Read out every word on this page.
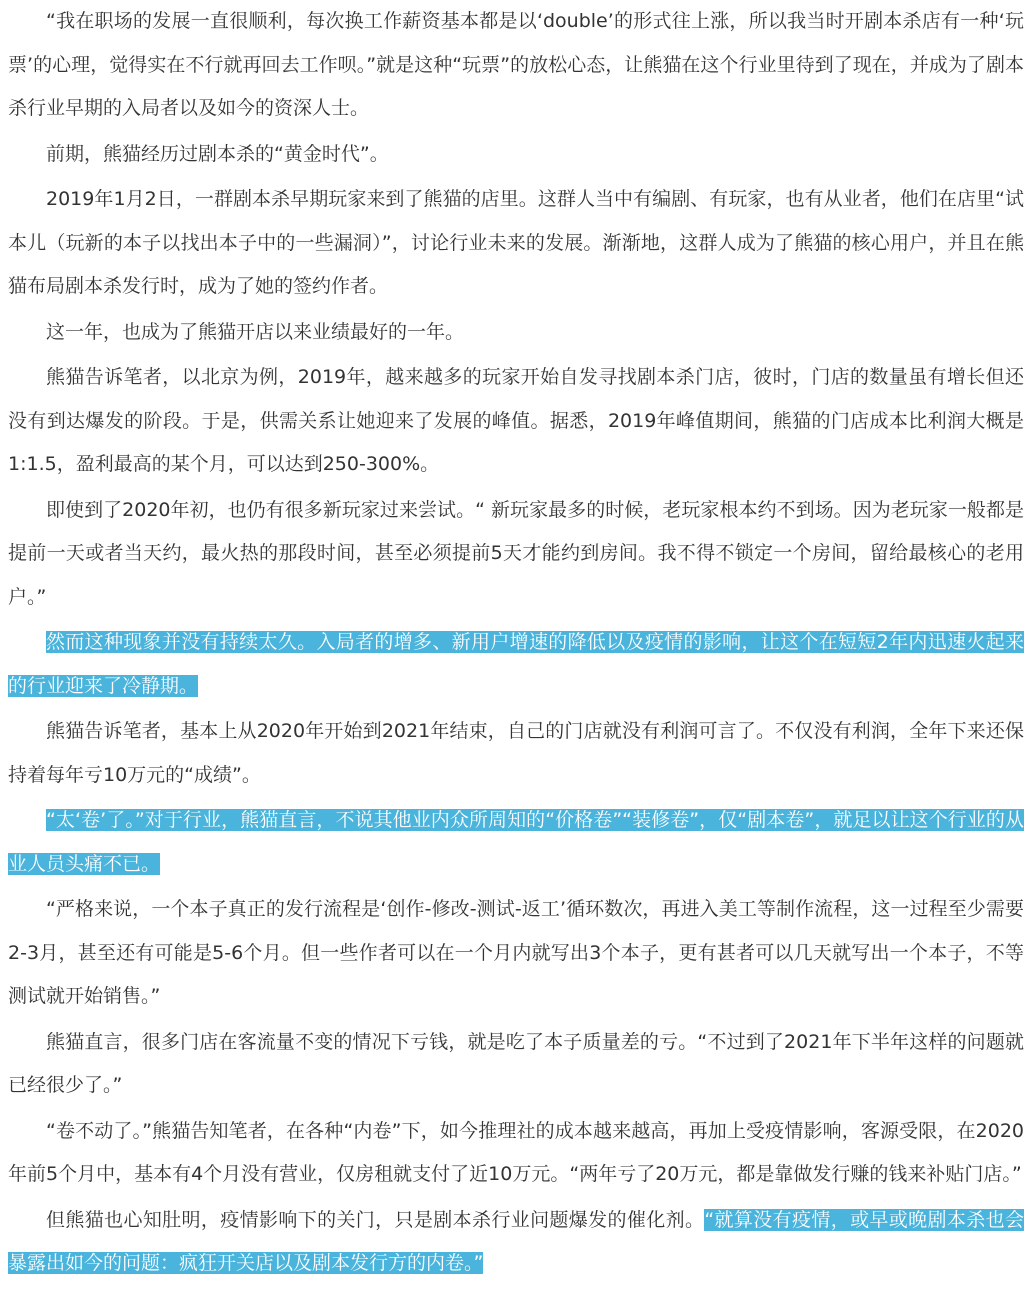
“我在职场的发展一直很顺利，每次换工作薪资基本都是以‘double’的形式往上涨，所以我当时开剧本杀店有一种‘玩票’的心理，觉得实在不行就再回去工作呗。”就是这种“玩票”的放松心态，让熊猫在这个行业里待到了现在，并成为了剧本杀行业早期的入局者以及如今的资深人士。

前期，熊猫经历过剧本杀的“黄金时代”。

2019年1月2日，一群剧本杀早期玩家来到了熊猫的店里。这群人当中有编剧、有玩家，也有从业者，他们在店里“试本儿（玩新的本子以找出本子中的一些漏洞）”，讨论行业未来的发展。渐渐地，这群人成为了熊猫的核心用户，并且在熊猫布局剧本杀发行时，成为了她的签约作者。

这一年，也成为了熊猫开店以来业绩最好的一年。

熊猫告诉笔者，以北京为例，2019年，越来越多的玩家开始自发寻找剧本杀门店，彼时，门店的数量虽有增长但还没有到达爆发的阶段。于是，供需关系让她迎来了发展的峰值。据悉，2019年峰值期间，熊猫的门店成本比利润大概是1:1.5，盈利最高的某个月，可以达到250-300%。

即使到了2020年初，也仍有很多新玩家过来尝试。“ 新玩家最多的时候，老玩家根本约不到场。因为老玩家一般都是提前一天或者当天约，最火热的那段时间，甚至必须提前5天才能约到房间。我不得不锁定一个房间，留给最核心的老用户。”

然而这种现象并没有持续太久。入局者的增多、新用户增速的降低以及疫情的影响，让这个在短短2年内迅速火起来的行业迎来了冷静期。

熊猫告诉笔者，基本上从2020年开始到2021年结束，自己的门店就没有利润可言了。不仅没有利润，全年下来还保持着每年亏10万元的“成绩”。

“太‘卷’了。”对于行业，熊猫直言，不说其他业内众所周知的“价格卷”“装修卷”，仅“剧本卷”，就足以让这个行业的从业人员头痛不已。

“严格来说，一个本子真正的发行流程是‘创作-修改-测试-返工’循环数次，再进入美工等制作流程，这一过程至少需要2-3月，甚至还有可能是5-6个月。但一些作者可以在一个月内就写出3个本子，更有甚者可以几天就写出一个本子，不等测试就开始销售。”

熊猫直言，很多门店在客流量不变的情况下亏钱，就是吃了本子质量差的亏。“不过到了2021年下半年这样的问题就已经很少了。”

“卷不动了。”熊猫告知笔者，在各种“内卷”下，如今推理社的成本越来越高，再加上受疫情影响，客源受限，在2020年前5个月中，基本有4个月没有营业，仅房租就支付了近10万元。“两年亏了20万元，都是靠做发行赚的钱来补贴门店。”

但熊猫也心知肚明，疫情影响下的关门，只是剧本杀行业问题爆发的催化剂。“就算没有疫情，或早或晚剧本杀也会暴露出如今的问题：疯狂开关店以及剧本发行方的内卷。”
